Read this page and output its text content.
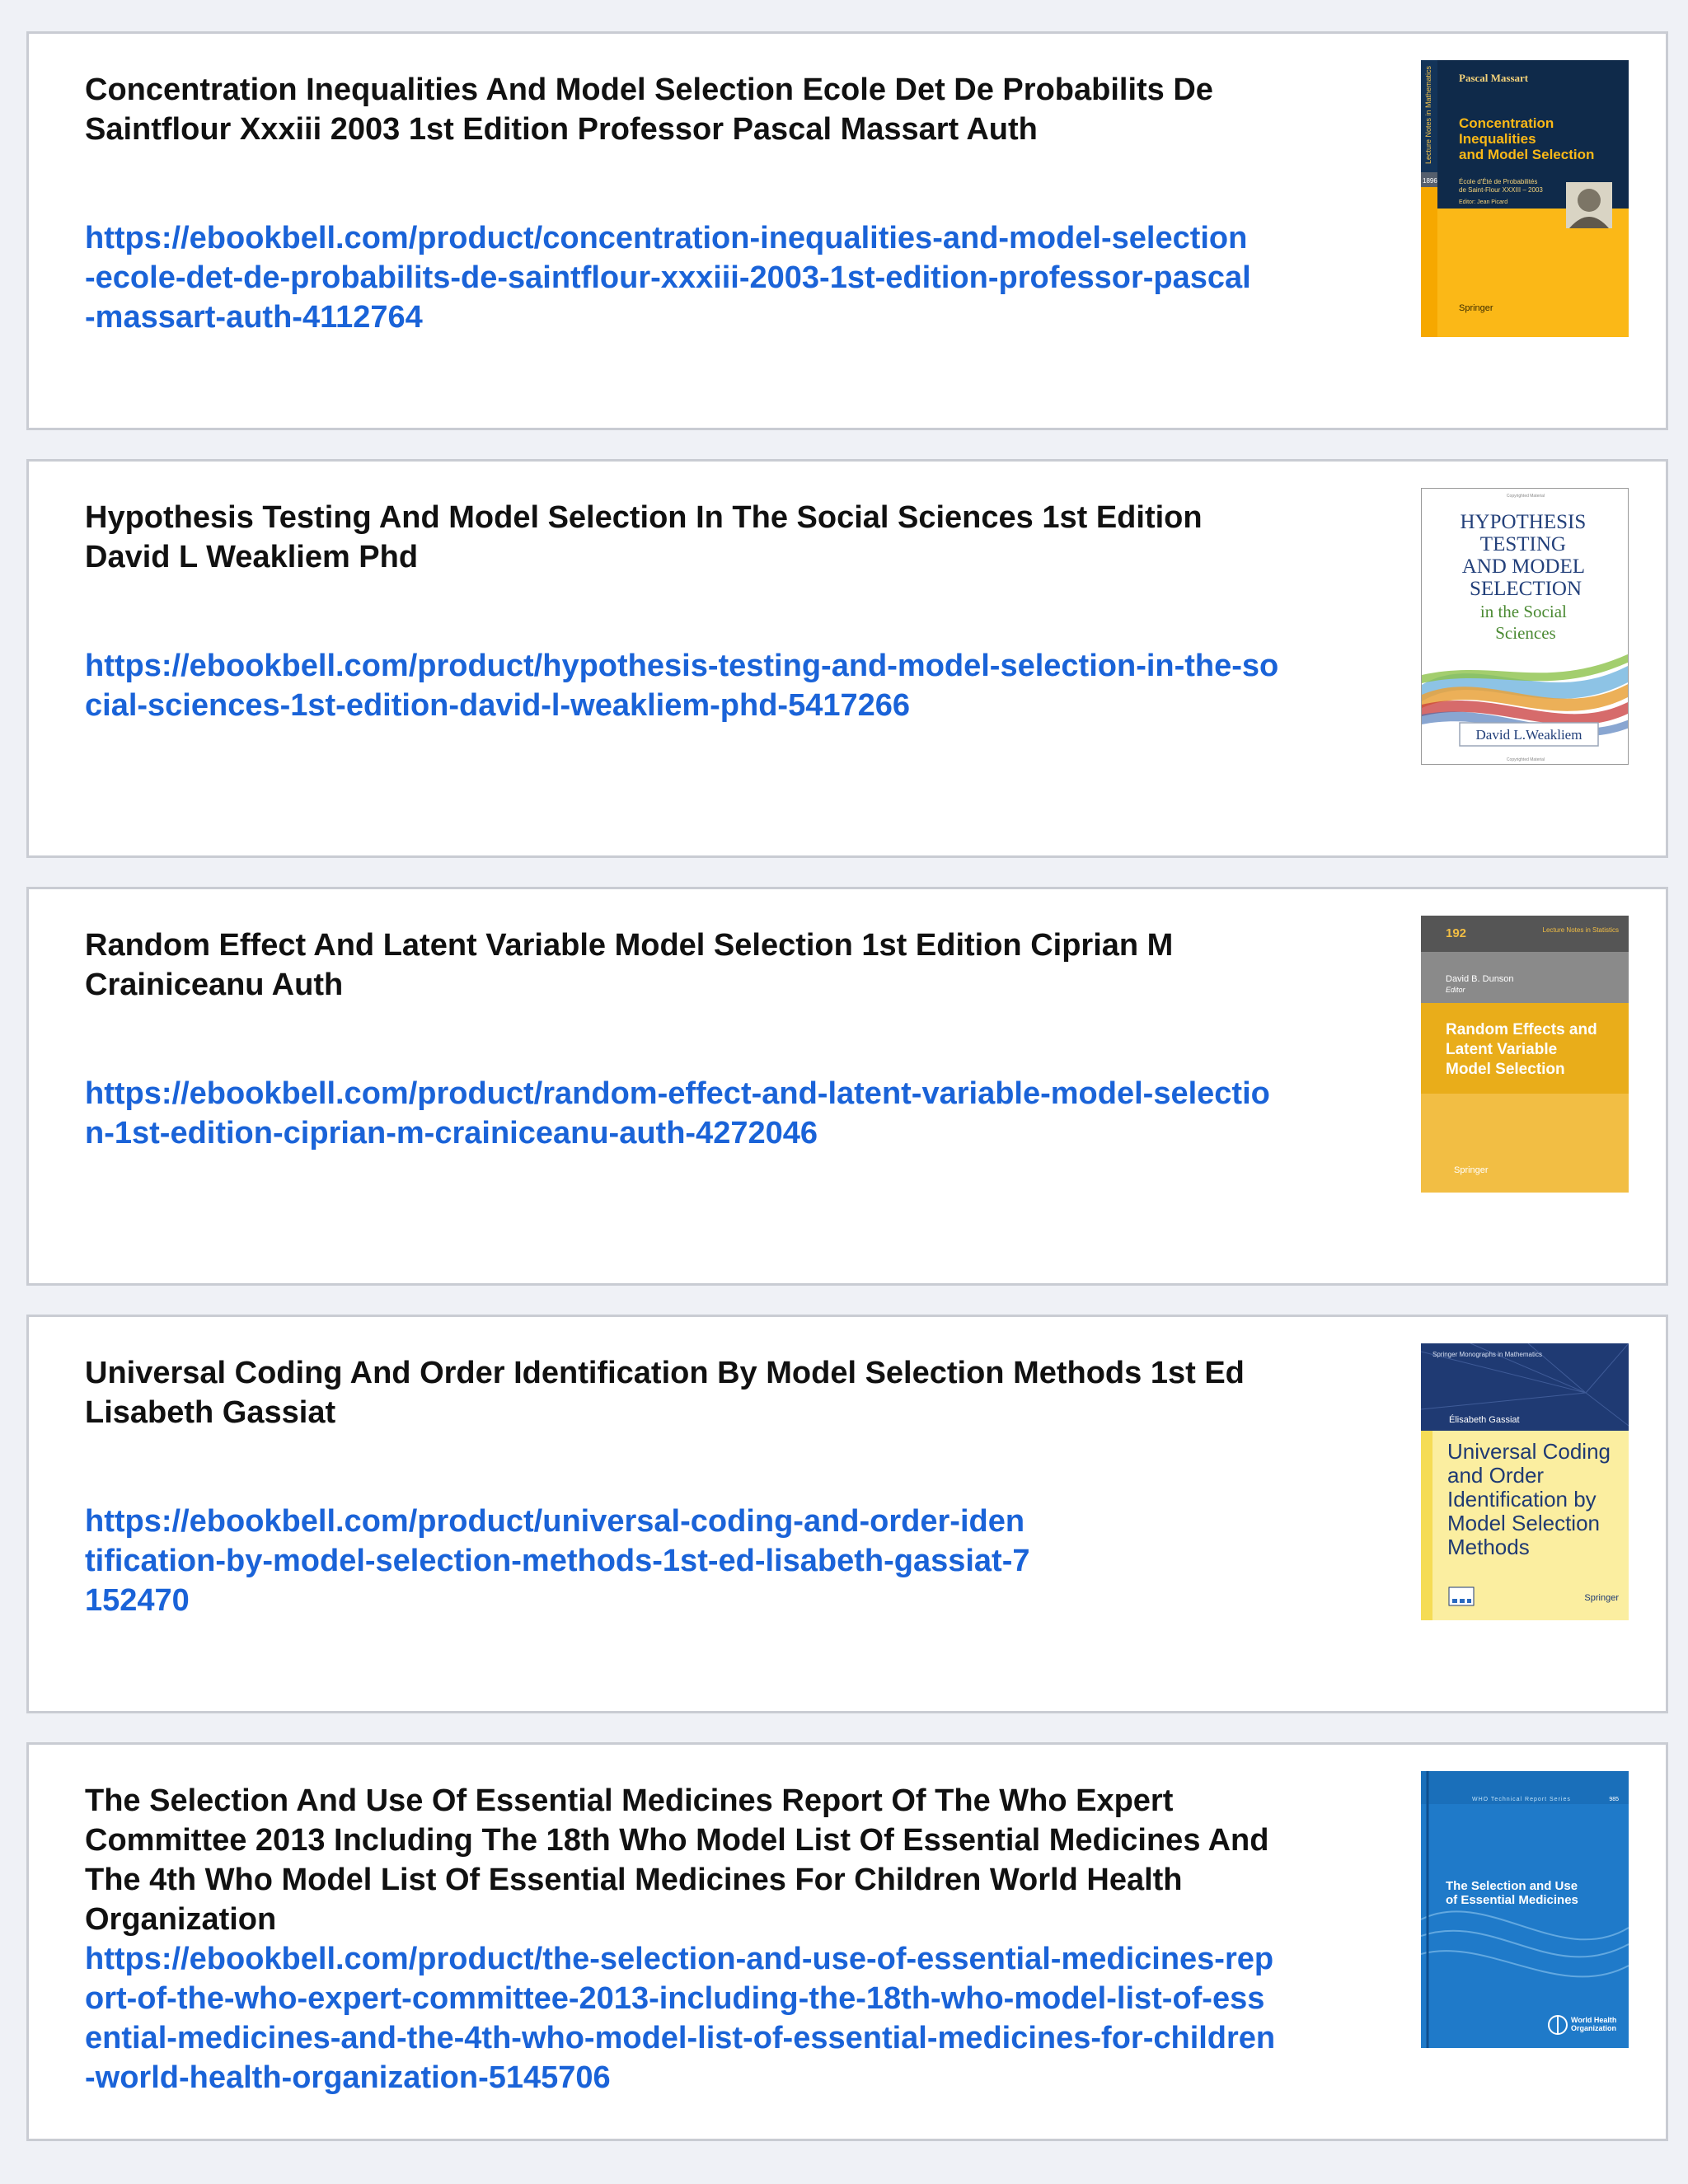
Concentration Inequalities And Model Selection Ecole Det De Probabilits De Saintflour Xxxiii 2003 1st Edition Professor Pascal Massart Auth
https://ebookbell.com/product/concentration-inequalities-and-model-selection-ecole-det-de-probabilits-de-saintflour-xxxiii-2003-1st-edition-professor-pascal-massart-auth-4112764
Lecture Notes in Mathematics
1896
Pascal Massart
Concentration Inequalities and Model Selection
École d'Été de Probabilités de Saint-Flour XXXIII – 2003
Editor: Jean Picard
Springer
Hypothesis Testing And Model Selection In The Social Sciences 1st Edition David L Weakliem Phd
https://ebookbell.com/product/hypothesis-testing-and-model-selection-in-the-social-sciences-1st-edition-david-l-weakliem-phd-5417266
Copyrighted Material
HYPOTHESIS TESTING AND MODEL SELECTION
in the Social Sciences
David L.Weakliem
Copyrighted Material
Random Effect And Latent Variable Model Selection 1st Edition Ciprian M Crainiceanu Auth
https://ebookbell.com/product/random-effect-and-latent-variable-model-selection-1st-edition-ciprian-m-crainiceanu-auth-4272046
192	Lecture Notes in Statistics
David B. Dunson
Editor
Random Effects and Latent Variable Model Selection
Springer
Universal Coding And Order Identification By Model Selection Methods 1st Ed Lisabeth Gassiat
https://ebookbell.com/product/universal-coding-and-order-identification-by-model-selection-methods-1st-ed-lisabeth-gassiat-7152470
Springer Monographs in Mathematics
Élisabeth Gassiat
Universal Coding and Order Identification by Model Selection Methods
Springer
The Selection And Use Of Essential Medicines Report Of The Who Expert Committee 2013 Including The 18th Who Model List Of Essential Medicines And The 4th Who Model List Of Essential Medicines For Children World Health Organization
https://ebookbell.com/product/the-selection-and-use-of-essential-medicines-report-of-the-who-expert-committee-2013-including-the-18th-who-model-list-of-essential-medicines-and-the-4th-who-model-list-of-essential-medicines-for-children-world-health-organization-5145706
WHO Technical Report Series	985
The Selection and Use of Essential Medicines
World Health Organization
